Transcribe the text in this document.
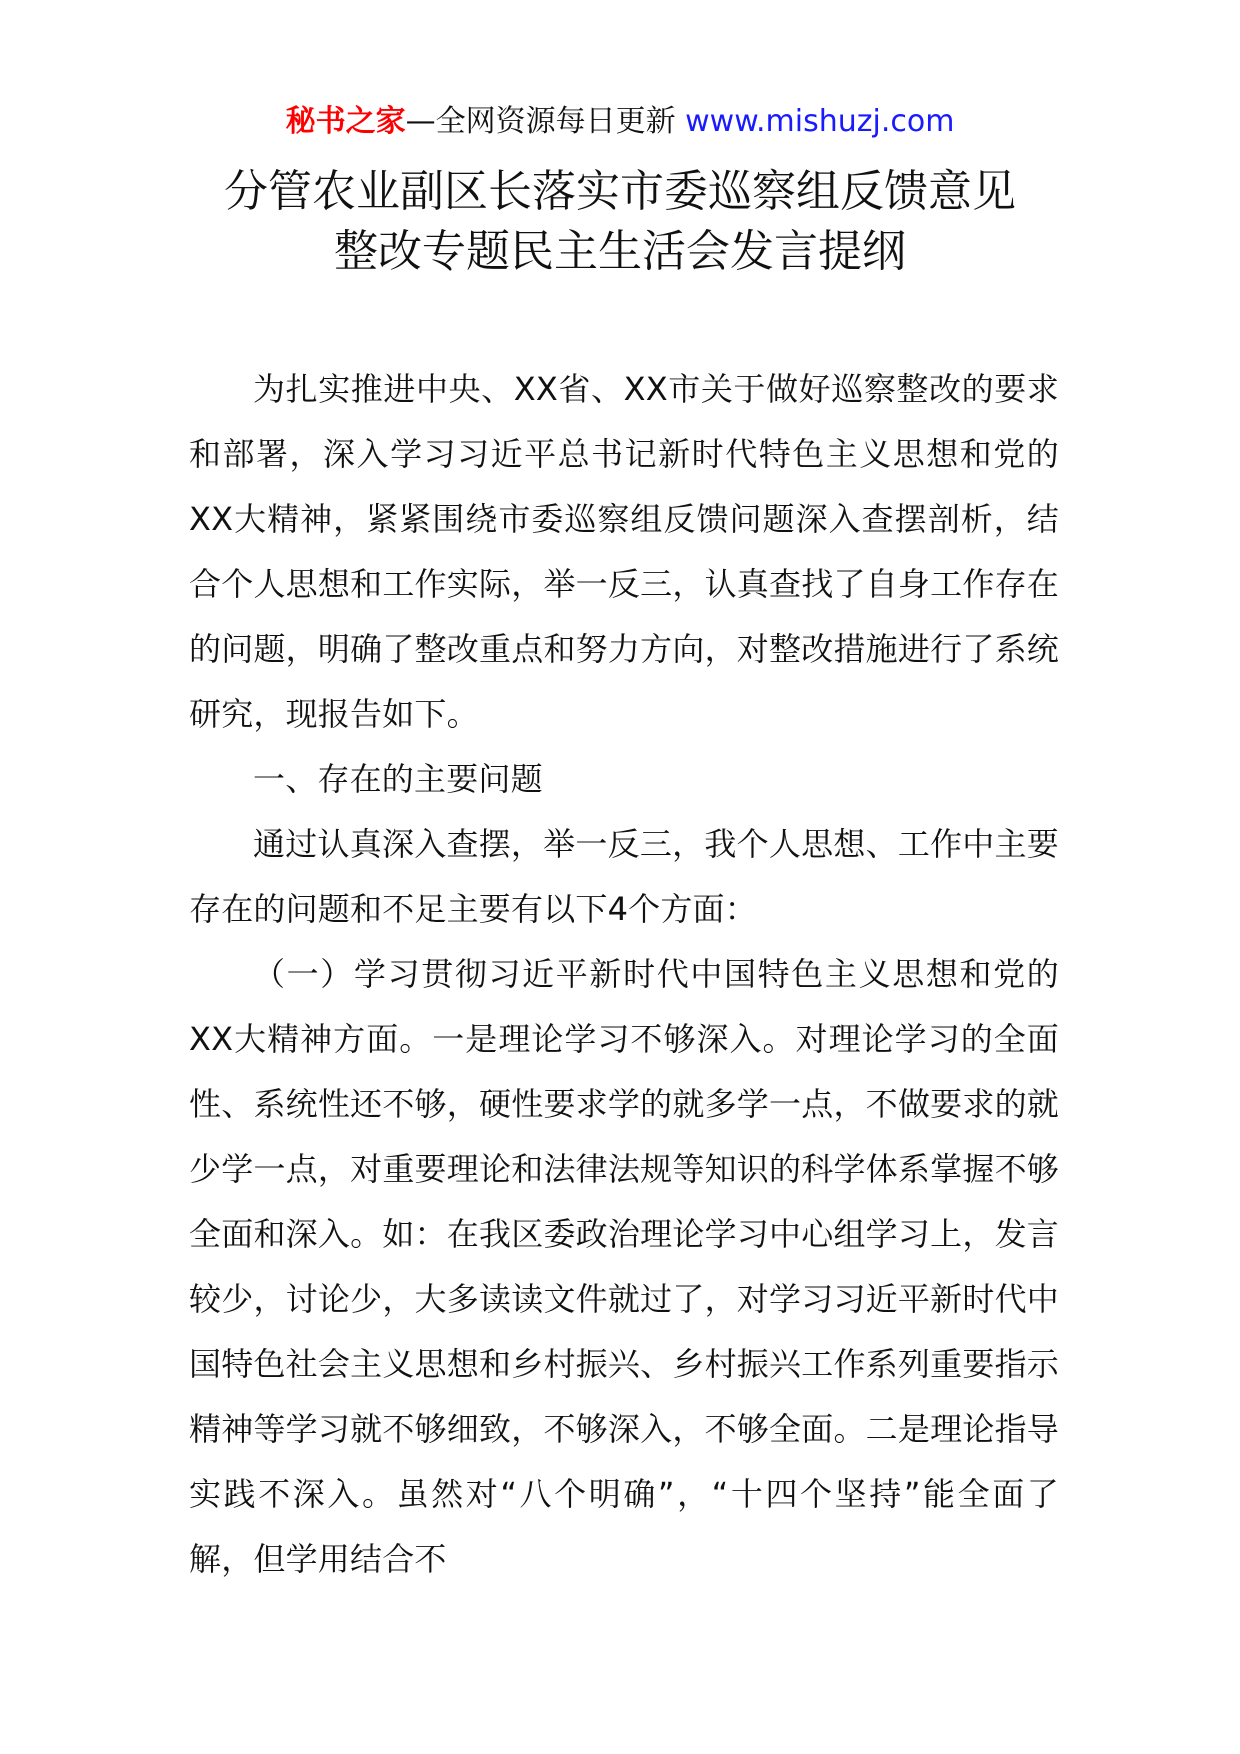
秘书之家—全网资源每日更新 www.mishuzj.com
分管农业副区长落实市委巡察组反馈意见
整改专题民主生活会发言提纲

为扎实推进中央、XX省、XX市关于做好巡察整改的要求和部署，深入学习习近平总书记新时代特色主义思想和党的XX大精神，紧紧围绕市委巡察组反馈问题深入查摆剖析，结合个人思想和工作实际，举一反三，认真查找了自身工作存在的问题，明确了整改重点和努力方向，对整改措施进行了系统研究，现报告如下。

一、存在的主要问题

通过认真深入查摆，举一反三，我个人思想、工作中主要存在的问题和不足主要有以下4个方面：

（一）学习贯彻习近平新时代中国特色主义思想和党的XX大精神方面。一是理论学习不够深入。对理论学习的全面性、系统性还不够，硬性要求学的就多学一点，不做要求的就少学一点，对重要理论和法律法规等知识的科学体系掌握不够全面和深入。如：在我区委政治理论学习中心组学习上，发言较少，讨论少，大多读读文件就过了，对学习习近平新时代中国特色社会主义思想和乡村振兴、乡村振兴工作系列重要指示精神等学习就不够细致，不够深入，不够全面。二是理论指导实践不深入。虽然对“八个明确”，“十四个坚持”能全面了解，但学用结合不
